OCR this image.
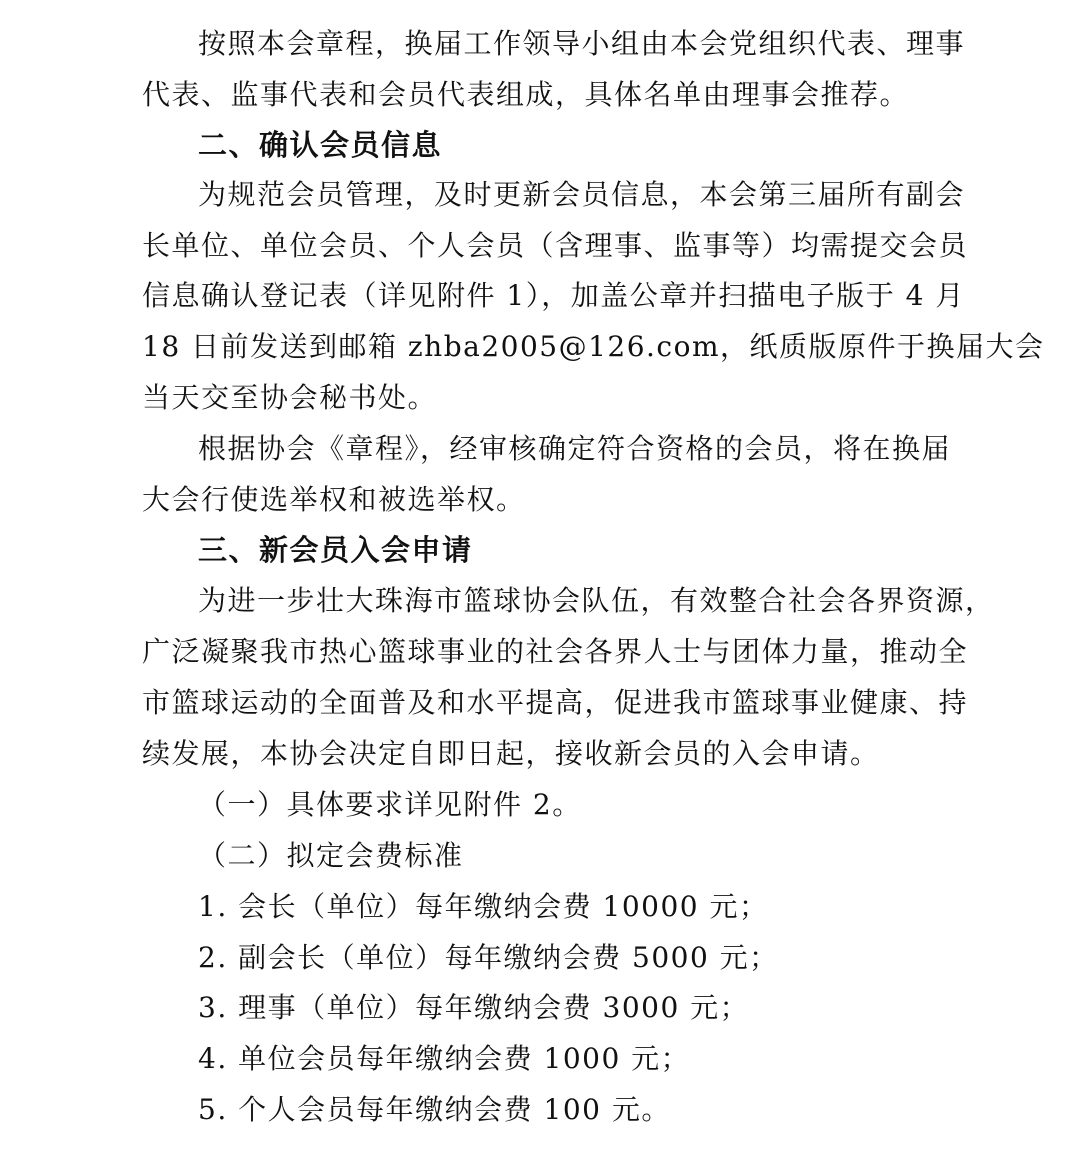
按照本会章程，换届工作领导小组由本会党组织代表、理事
代表、监事代表和会员代表组成，具体名单由理事会推荐。
二、确认会员信息
为规范会员管理，及时更新会员信息，本会第三届所有副会
长单位、单位会员、个人会员（含理事、监事等）均需提交会员
信息确认登记表（详见附件 1），加盖公章并扫描电子版于 4 月
18 日前发送到邮箱 zhba2005@126.com，纸质版原件于换届大会
当天交至协会秘书处。
根据协会《章程》，经审核确定符合资格的会员，将在换届
大会行使选举权和被选举权。
三、新会员入会申请
为进一步壮大珠海市篮球协会队伍，有效整合社会各界资源，
广泛凝聚我市热心篮球事业的社会各界人士与团体力量，推动全
市篮球运动的全面普及和水平提高，促进我市篮球事业健康、持
续发展，本协会决定自即日起，接收新会员的入会申请。
（一）具体要求详见附件 2。
（二）拟定会费标准
1. 会长（单位）每年缴纳会费 10000 元；
2. 副会长（单位）每年缴纳会费 5000 元；
3. 理事（单位）每年缴纳会费 3000 元；
4. 单位会员每年缴纳会费 1000 元；
5. 个人会员每年缴纳会费 100 元。
